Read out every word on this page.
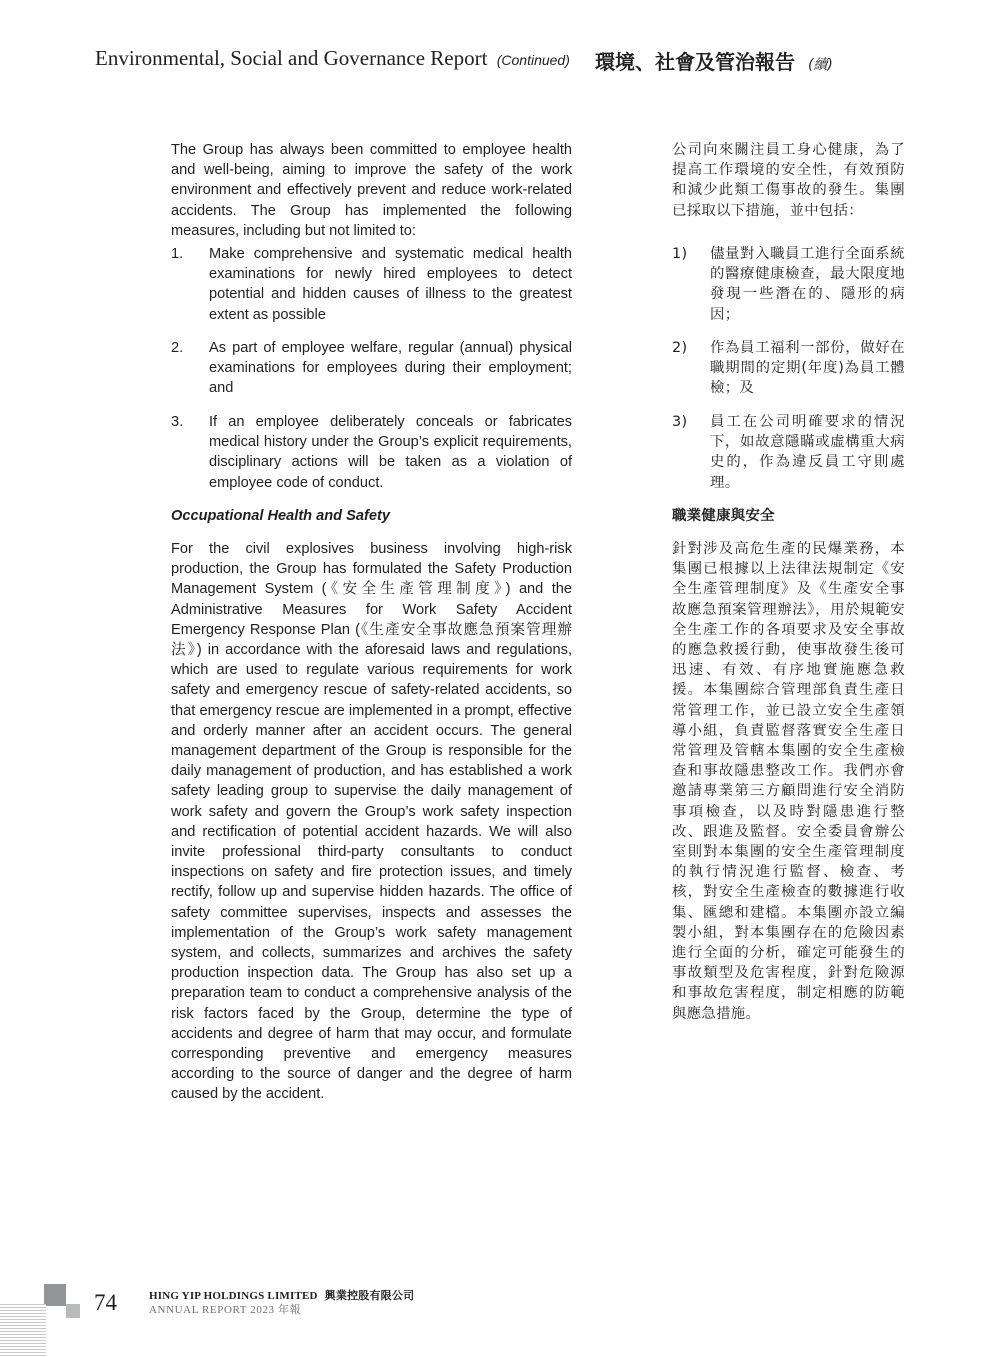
Environmental, Social and Governance Report (Continued) 環境、社會及管治報告 (續)

The Group has always been committed to employee health and well-being, aiming to improve the safety of the work environment and effectively prevent and reduce work-related accidents. The Group has implemented the following measures, including but not limited to:

1. Make comprehensive and systematic medical health examinations for newly hired employees to detect potential and hidden causes of illness to the greatest extent as possible

2. As part of employee welfare, regular (annual) physical examinations for employees during their employment; and

3. If an employee deliberately conceals or fabricates medical history under the Group’s explicit requirements, disciplinary actions will be taken as a violation of employee code of conduct.

Occupational Health and Safety

For the civil explosives business involving high-risk production, the Group has formulated the Safety Production Management System (《安全生產管理制度》) and the Administrative Measures for Work Safety Accident Emergency Response Plan (《生產安全事故應急預案管理辦法》) in accordance with the aforesaid laws and regulations, which are used to regulate various requirements for work safety and emergency rescue of safety-related accidents, so that emergency rescue are implemented in a prompt, effective and orderly manner after an accident occurs. The general management department of the Group is responsible for the daily management of production, and has established a work safety leading group to supervise the daily management of work safety and govern the Group’s work safety inspection and rectification of potential accident hazards. We will also invite professional third-party consultants to conduct inspections on safety and fire protection issues, and timely rectify, follow up and supervise hidden hazards. The office of safety committee supervises, inspects and assesses the implementation of the Group’s work safety management system, and collects, summarizes and archives the safety production inspection data. The Group has also set up a preparation team to conduct a comprehensive analysis of the risk factors faced by the Group, determine the type of accidents and degree of harm that may occur, and formulate corresponding preventive and emergency measures according to the source of danger and the degree of harm caused by the accident.

公司向來關注員工身心健康，為了提高工作環境的安全性，有效預防和減少此類工傷事故的發生。集團已採取以下措施，並中包括：

1) 儘量對入職員工進行全面系統的醫療健康檢查，最大限度地發現一些潛在的、隱形的病因；

2) 作為員工福利一部份，做好在職期間的定期(年度)為員工體檢；及

3) 員工在公司明確要求的情況下，如故意隱瞞或虛構重大病史的，作為違反員工守則處理。

職業健康與安全

針對涉及高危生產的民爆業務，本集團已根據以上法律法規制定《安全生產管理制度》及《生產安全事故應急預案管理辦法》，用於規範安全生產工作的各項要求及安全事故的應急救援行動，使事故發生後可迅速、有效、有序地實施應急救援。本集團綜合管理部負責生產日常管理工作，並已設立安全生產領導小組，負責監督落實安全生產日常管理及管轄本集團的安全生產檢查和事故隱患整改工作。我們亦會邀請專業第三方顧問進行安全消防事項檢查，以及時對隱患進行整改、跟進及監督。安全委員會辦公室則對本集團的安全生產管理制度的執行情況進行監督、檢查、考核，對安全生產檢查的數據進行收集、匯總和建檔。本集團亦設立編製小組，對本集團存在的危險因素進行全面的分析，確定可能發生的事故類型及危害程度，針對危險源和事故危害程度，制定相應的防範與應急措施。

74	HING YIP HOLDINGS LIMITED 興業控股有限公司
ANNUAL REPORT 2023 年報
